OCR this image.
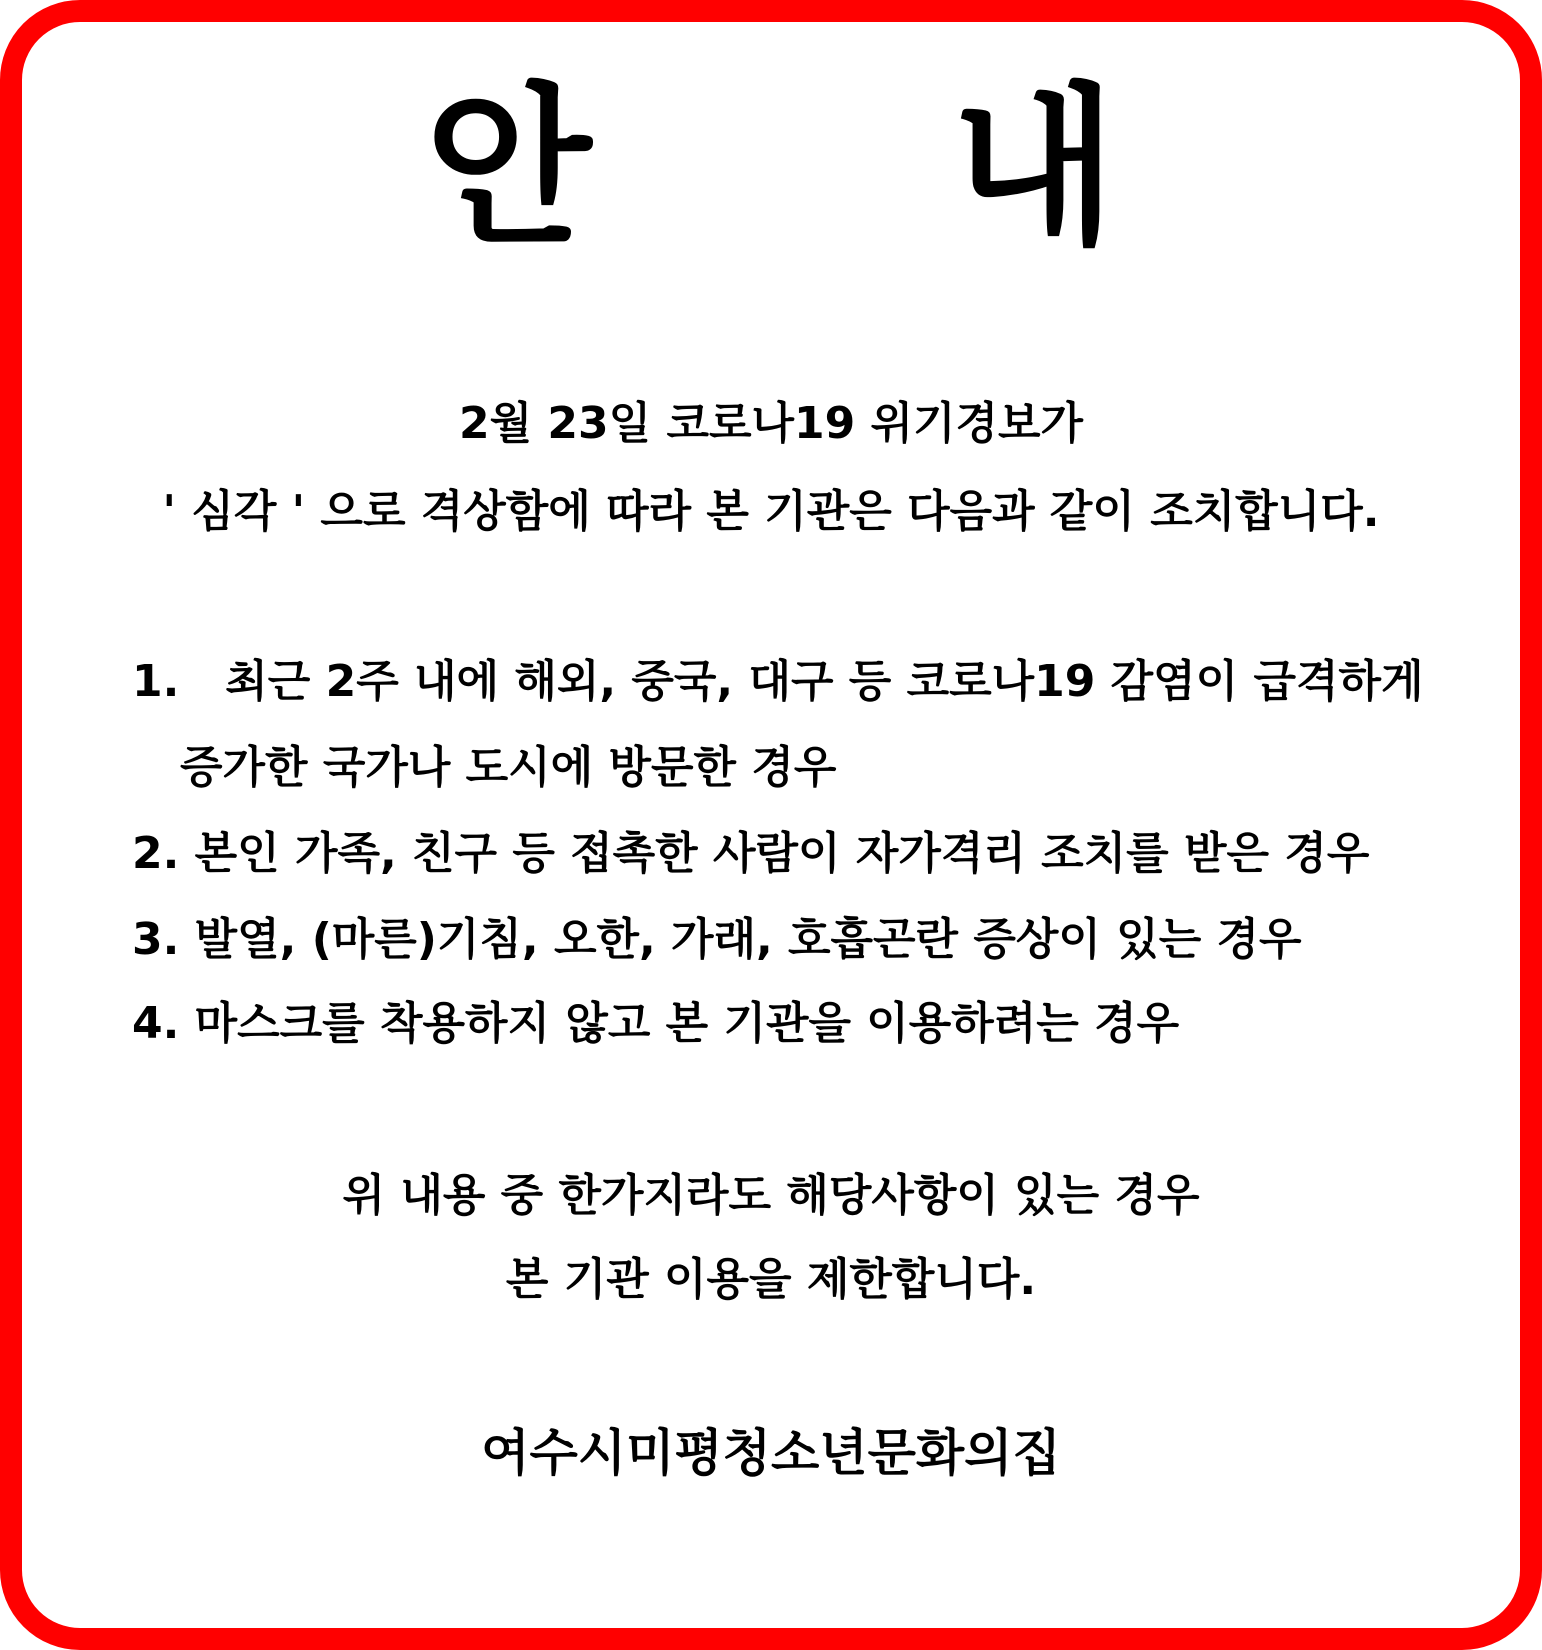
안      내
2월 23일 코로나19 위기경보가
' 심각 ' 으로 격상함에 따라 본 기관은 다음과 같이 조치합니다.
1.   최근 2주 내에 해외, 중국, 대구 등 코로나19 감염이 급격하게
증가한 국가나 도시에 방문한 경우
2. 본인 가족, 친구 등 접촉한 사람이 자가격리 조치를 받은 경우
3. 발열, (마른)기침, 오한, 가래, 호흡곤란 증상이 있는 경우
4. 마스크를 착용하지 않고 본 기관을 이용하려는 경우
위 내용 중 한가지라도 해당사항이 있는 경우
본 기관 이용을 제한합니다.
여수시미평청소년문화의집
